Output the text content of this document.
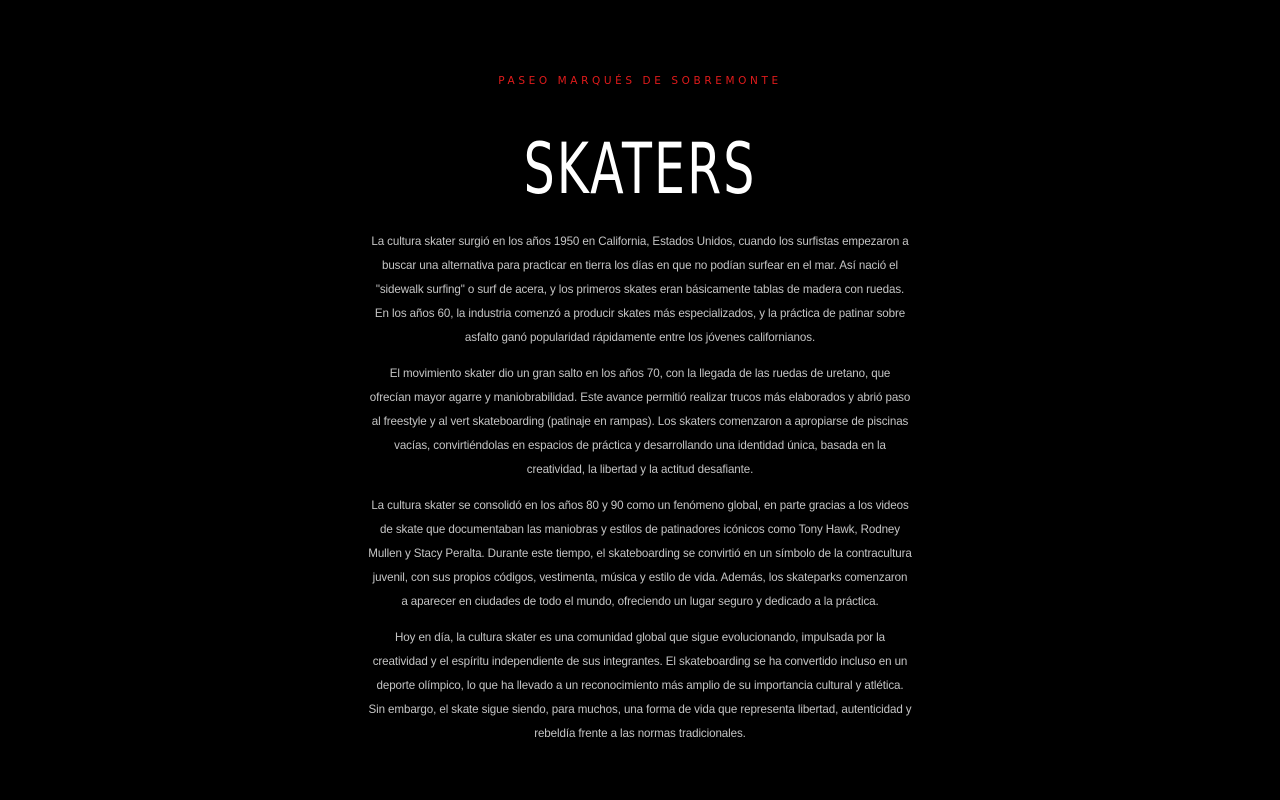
PASEO MARQUÉS DE SOBREMONTE
SKATERS

La cultura skater surgió en los años 1950 en California, Estados Unidos, cuando los surfistas empezaron a buscar una alternativa para practicar en tierra los días en que no podían surfear en el mar. Así nació el "sidewalk surfing" o surf de acera, y los primeros skates eran básicamente tablas de madera con ruedas. En los años 60, la industria comenzó a producir skates más especializados, y la práctica de patinar sobre asfalto ganó popularidad rápidamente entre los jóvenes californianos.

El movimiento skater dio un gran salto en los años 70, con la llegada de las ruedas de uretano, que ofrecían mayor agarre y maniobrabilidad. Este avance permitió realizar trucos más elaborados y abrió paso al freestyle y al vert skateboarding (patinaje en rampas). Los skaters comenzaron a apropiarse de piscinas vacías, convirtiéndolas en espacios de práctica y desarrollando una identidad única, basada en la creatividad, la libertad y la actitud desafiante.

La cultura skater se consolidó en los años 80 y 90 como un fenómeno global, en parte gracias a los videos de skate que documentaban las maniobras y estilos de patinadores icónicos como Tony Hawk, Rodney Mullen y Stacy Peralta. Durante este tiempo, el skateboarding se convirtió en un símbolo de la contracultura juvenil, con sus propios códigos, vestimenta, música y estilo de vida. Además, los skateparks comenzaron a aparecer en ciudades de todo el mundo, ofreciendo un lugar seguro y dedicado a la práctica.

Hoy en día, la cultura skater es una comunidad global que sigue evolucionando, impulsada por la creatividad y el espíritu independiente de sus integrantes. El skateboarding se ha convertido incluso en un deporte olímpico, lo que ha llevado a un reconocimiento más amplio de su importancia cultural y atlética. Sin embargo, el skate sigue siendo, para muchos, una forma de vida que representa libertad, autenticidad y rebeldía frente a las normas tradicionales.
